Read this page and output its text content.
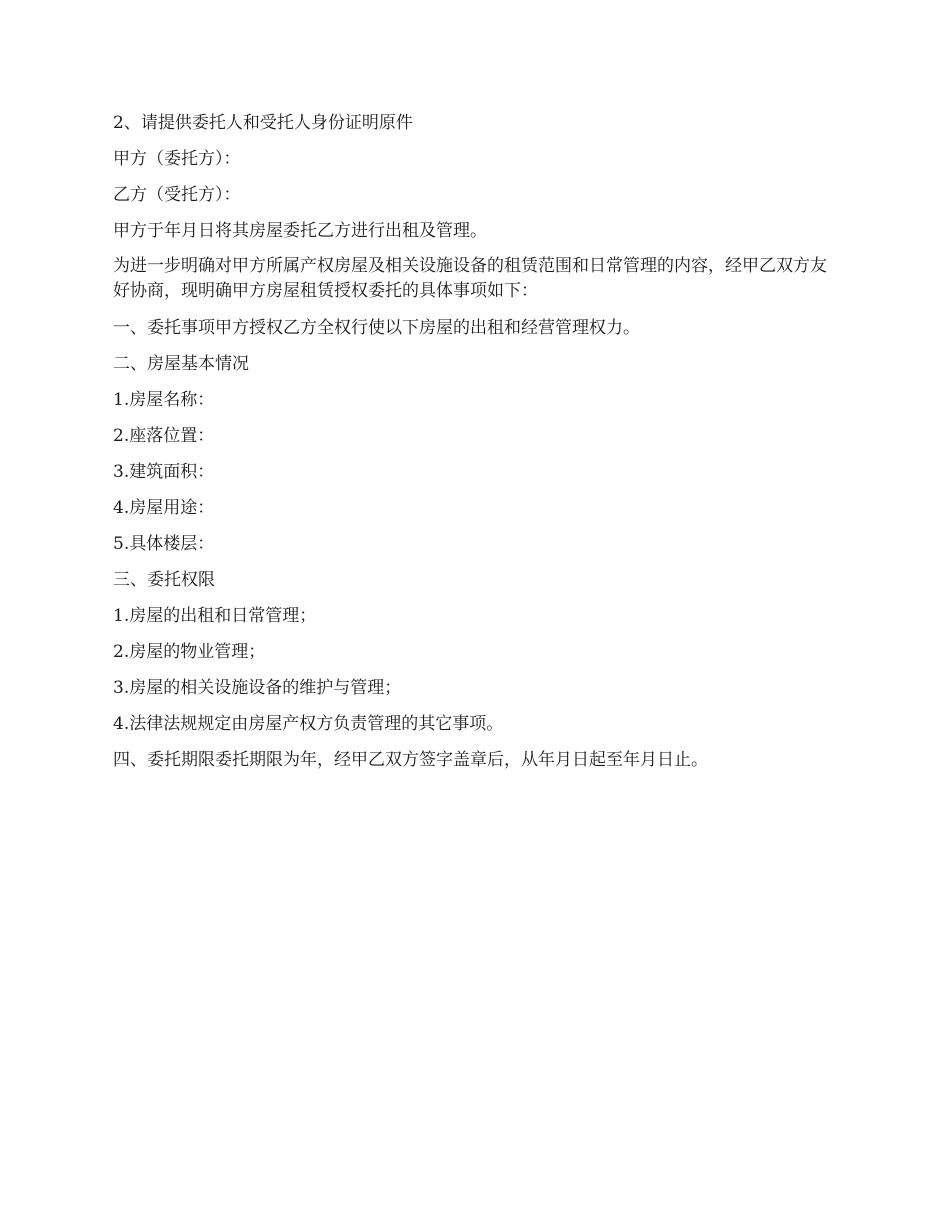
2、请提供委托人和受托人身份证明原件

甲方（委托方）：

乙方（受托方）：

甲方于年月日将其房屋委托乙方进行出租及管理。

为进一步明确对甲方所属产权房屋及相关设施设备的租赁范围和日常管理的内容，经甲乙双方友好协商，现明确甲方房屋租赁授权委托的具体事项如下：

一、委托事项甲方授权乙方全权行使以下房屋的出租和经营管理权力。

二、房屋基本情况

1.房屋名称：

2.座落位置：

3.建筑面积：

4.房屋用途：

5.具体楼层：

三、委托权限

1.房屋的出租和日常管理；

2.房屋的物业管理；

3.房屋的相关设施设备的维护与管理；

4.法律法规规定由房屋产权方负责管理的其它事项。

四、委托期限委托期限为年，经甲乙双方签字盖章后，从年月日起至年月日止。
